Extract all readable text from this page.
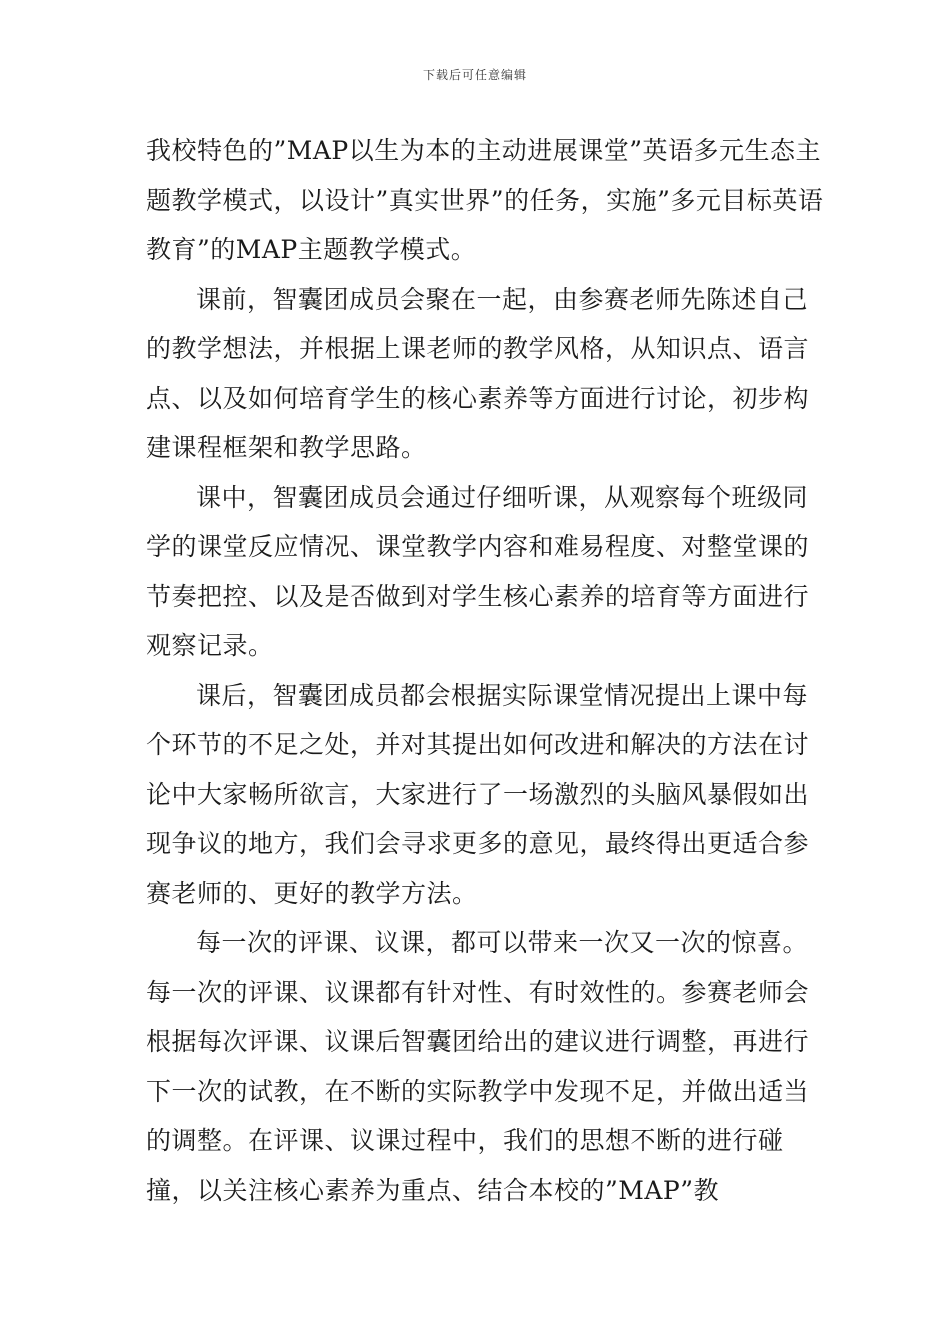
下载后可任意编辑

我校特色的”MAP以生为本的主动进展课堂”英语多元生态主题教学模式，以设计”真实世界”的任务，实施”多元目标英语教育”的MAP主题教学模式。

课前，智囊团成员会聚在一起，由参赛老师先陈述自己的教学想法，并根据上课老师的教学风格，从知识点、语言点、以及如何培育学生的核心素养等方面进行讨论，初步构建课程框架和教学思路。

课中，智囊团成员会通过仔细听课，从观察每个班级同学的课堂反应情况、课堂教学内容和难易程度、对整堂课的节奏把控、以及是否做到对学生核心素养的培育等方面进行观察记录。

课后，智囊团成员都会根据实际课堂情况提出上课中每个环节的不足之处，并对其提出如何改进和解决的方法在讨论中大家畅所欲言，大家进行了一场激烈的头脑风暴假如出现争议的地方，我们会寻求更多的意见，最终得出更适合参赛老师的、更好的教学方法。

每一次的评课、议课，都可以带来一次又一次的惊喜。每一次的评课、议课都有针对性、有时效性的。参赛老师会根据每次评课、议课后智囊团给出的建议进行调整，再进行下一次的试教，在不断的实际教学中发现不足，并做出适当的调整。在评课、议课过程中，我们的思想不断的进行碰撞，以关注核心素养为重点、结合本校的”MAP”教
